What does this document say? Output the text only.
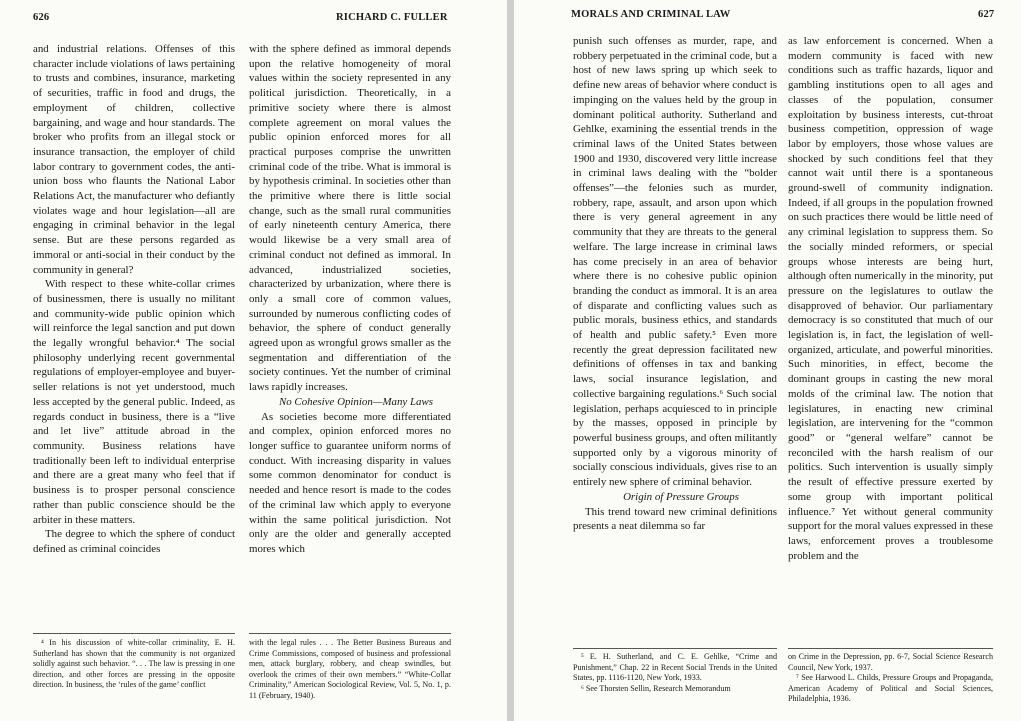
626	RICHARD C. FULLER

and industrial relations. Offenses of this character include violations of laws pertaining to trusts and combines, insurance, marketing of securities, traffic in food and drugs, the employment of children, collective bargaining, and wage and hour standards. The broker who profits from an illegal stock or insurance transaction, the employer of child labor contrary to government codes, the anti-union boss who flaunts the National Labor Relations Act, the manufacturer who defiantly violates wage and hour legislation—all are engaging in criminal behavior in the legal sense. But are these persons regarded as immoral or anti-social in their conduct by the community in general?

With respect to these white-collar crimes of businessmen, there is usually no militant and community-wide public opinion which will reinforce the legal sanction and put down the legally wrongful behavior.⁴ The social philosophy underlying recent governmental regulations of employer-employee and buyer-seller relations is not yet understood, much less accepted by the general public. Indeed, as regards conduct in business, there is a “live and let live” attitude abroad in the community. Business relations have traditionally been left to individual enterprise and there are a great many who feel that if business is to prosper personal conscience rather than public conscience should be the arbiter in these matters.

The degree to which the sphere of conduct defined as criminal coincides

with the sphere defined as immoral depends upon the relative homogeneity of moral values within the society represented in any political jurisdiction. Theoretically, in a primitive society where there is almost complete agreement on moral values the public opinion enforced mores for all practical purposes comprise the unwritten criminal code of the tribe. What is immoral is by hypothesis criminal. In societies other than the primitive where there is little social change, such as the small rural communities of early nineteenth century America, there would likewise be a very small area of criminal conduct not defined as immoral. In advanced, industrialized societies, characterized by urbanization, where there is only a small core of common values, surrounded by numerous conflicting codes of behavior, the sphere of conduct generally agreed upon as wrongful grows smaller as the segmentation and differentiation of the society continues. Yet the number of criminal laws rapidly increases.

No Cohesive Opinion—Many Laws

As societies become more differentiated and complex, opinion enforced mores no longer suffice to guarantee uniform norms of conduct. With increasing disparity in values some common denominator for conduct is needed and hence resort is made to the codes of the criminal law which apply to everyone within the same political jurisdiction. Not only are the older and generally accepted mores which

⁴ In his discussion of white-collar criminality, E. H. Sutherland has shown that the community is not organized solidly against such behavior. “. . . The law is pressing in one direction, and other forces are pressing in the opposite direction. In business, the ‘rules of the game’ conflict

with the legal rules . . . The Better Business Bureaus and Crime Commissions, composed of business and professional men, attack burglary, robbery, and cheap swindles, but overlook the crimes of their own members.” “White-Collar Criminality,” American Sociological Review, Vol. 5, No. 1, p. 11 (February, 1940).

MORALS AND CRIMINAL LAW	627

punish such offenses as murder, rape, and robbery perpetuated in the criminal code, but a host of new laws spring up which seek to define new areas of behavior where conduct is impinging on the values held by the group in dominant political authority. Sutherland and Gehlke, examining the essential trends in the criminal laws of the United States between 1900 and 1930, discovered very little increase in criminal laws dealing with the “bolder offenses”—the felonies such as murder, robbery, rape, assault, and arson upon which there is very general agreement in any community that they are threats to the general welfare. The large increase in criminal laws has come precisely in an area of behavior where there is no cohesive public opinion branding the conduct as immoral. It is an area of disparate and conflicting values such as public morals, business ethics, and standards of health and public safety.⁵ Even more recently the great depression facilitated new definitions of offenses in tax and banking laws, social insurance legislation, and collective bargaining regulations.⁶ Such social legislation, perhaps acquiesced to in principle by the masses, opposed in principle by powerful business groups, and often militantly supported only by a vigorous minority of socially conscious individuals, gives rise to an entirely new sphere of criminal behavior.

Origin of Pressure Groups

This trend toward new criminal definitions presents a neat dilemma so far

as law enforcement is concerned. When a modern community is faced with new conditions such as traffic hazards, liquor and gambling institutions open to all ages and classes of the population, consumer exploitation by business interests, cut-throat business competition, oppression of wage labor by employers, those whose values are shocked by such conditions feel that they cannot wait until there is a spontaneous ground-swell of community indignation. Indeed, if all groups in the population frowned on such practices there would be little need of any criminal legislation to suppress them. So the socially minded reformers, or special groups whose interests are being hurt, although often numerically in the minority, put pressure on the legislatures to outlaw the disapproved of behavior. Our parliamentary democracy is so constituted that much of our legislation is, in fact, the legislation of well-organized, articulate, and powerful minorities. Such minorities, in effect, become the dominant groups in casting the new moral molds of the criminal law. The notion that legislatures, in enacting new criminal legislation, are intervening for the “common good” or “general welfare” cannot be reconciled with the harsh realism of our politics. Such intervention is usually simply the result of effective pressure exerted by some group with important political influence.⁷ Yet without general community support for the moral values expressed in these laws, enforcement proves a troublesome problem and the

⁵ E. H. Sutherland, and C. E. Gehlke, “Crime and Punishment,” Chap. 22 in Recent Social Trends in the United States, pp. 1116-1120, New York, 1933.

⁶ See Thorsten Sellin, Research Memorandum

on Crime in the Depression, pp. 6-7, Social Science Research Council, New York, 1937.

⁷ See Harwood L. Childs, Pressure Groups and Propaganda, American Academy of Political and Social Sciences, Philadelphia, 1936.
